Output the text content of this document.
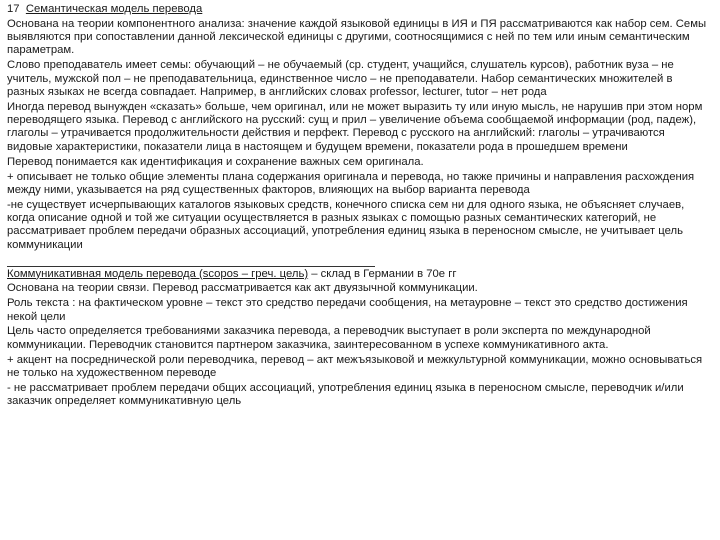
17 Семантическая модель перевода

Основана на теории компонентного анализа: значение каждой языковой единицы в ИЯ и ПЯ рассматриваются как набор сем. Семы выявляются при сопоставлении данной лексической единицы с другими, соотносящимися с ней по тем или иным семантическим параметрам.

Слово преподаватель имеет семы: обучающий – не обучаемый (ср. студент, учащийся, слушатель курсов), работник вуза – не учитель, мужской пол – не преподавательница, единственное число – не преподаватели. Набор семантических множителей в разных языках не всегда совпадает. Например, в английских словах professor, lecturer, tutor – нет рода

Иногда перевод вынужден «сказать» больше, чем оригинал, или не может выразить ту или иную мысль, не нарушив при этом норм переводящего языка. Перевод с английского на русский: сущ и прил – увеличение объема сообщаемой информации (род, падеж), глаголы – утрачивается продолжительности действия и перфект. Перевод с русского на английский: глаголы – утрачиваются видовые характеристики, показатели лица в настоящем и будущем времени, показатели рода в прошедшем времени

Перевод понимается как идентификация и сохранение важных сем оригинала.

+ описывает не только общие элементы плана содержания оригинала и перевода, но также причины и направления расхождения между ними, указывается на ряд существенных факторов, влияющих на выбор варианта перевода

-не существует исчерпывающих каталогов языковых средств, конечного списка сем ни для одного языка, не объясняет случаев, когда описание одной и той же ситуации осуществляется в разных языках с помощью разных семантических категорий, не рассматривает проблем передачи образных ассоциаций, употребления единиц языка в переносном смысле, не учитывает цель коммуникации

Коммуникативная модель перевода (scopos – греч. цель) – склад в Германии в 70е гг

Основана на теории связи. Перевод рассматривается как акт двуязычной коммуникации.

Роль текста : на фактическом уровне – текст это средство передачи сообщения, на метауровне – текст это средство достижения некой цели

Цель часто определяется требованиями заказчика перевода, а переводчик выступает в роли эксперта по международной коммуникации. Переводчик становится партнером заказчика, заинтересованном в успехе коммуникативного акта.

+ акцент на посреднической роли переводчика, перевод – акт межъязыковой и межкультурной коммуникации, можно основываться не только на художественном переводе

- не рассматривает проблем передачи общих ассоциаций, употребления единиц языка в переносном смысле, переводчик и/или заказчик определяет коммуникативную цель
